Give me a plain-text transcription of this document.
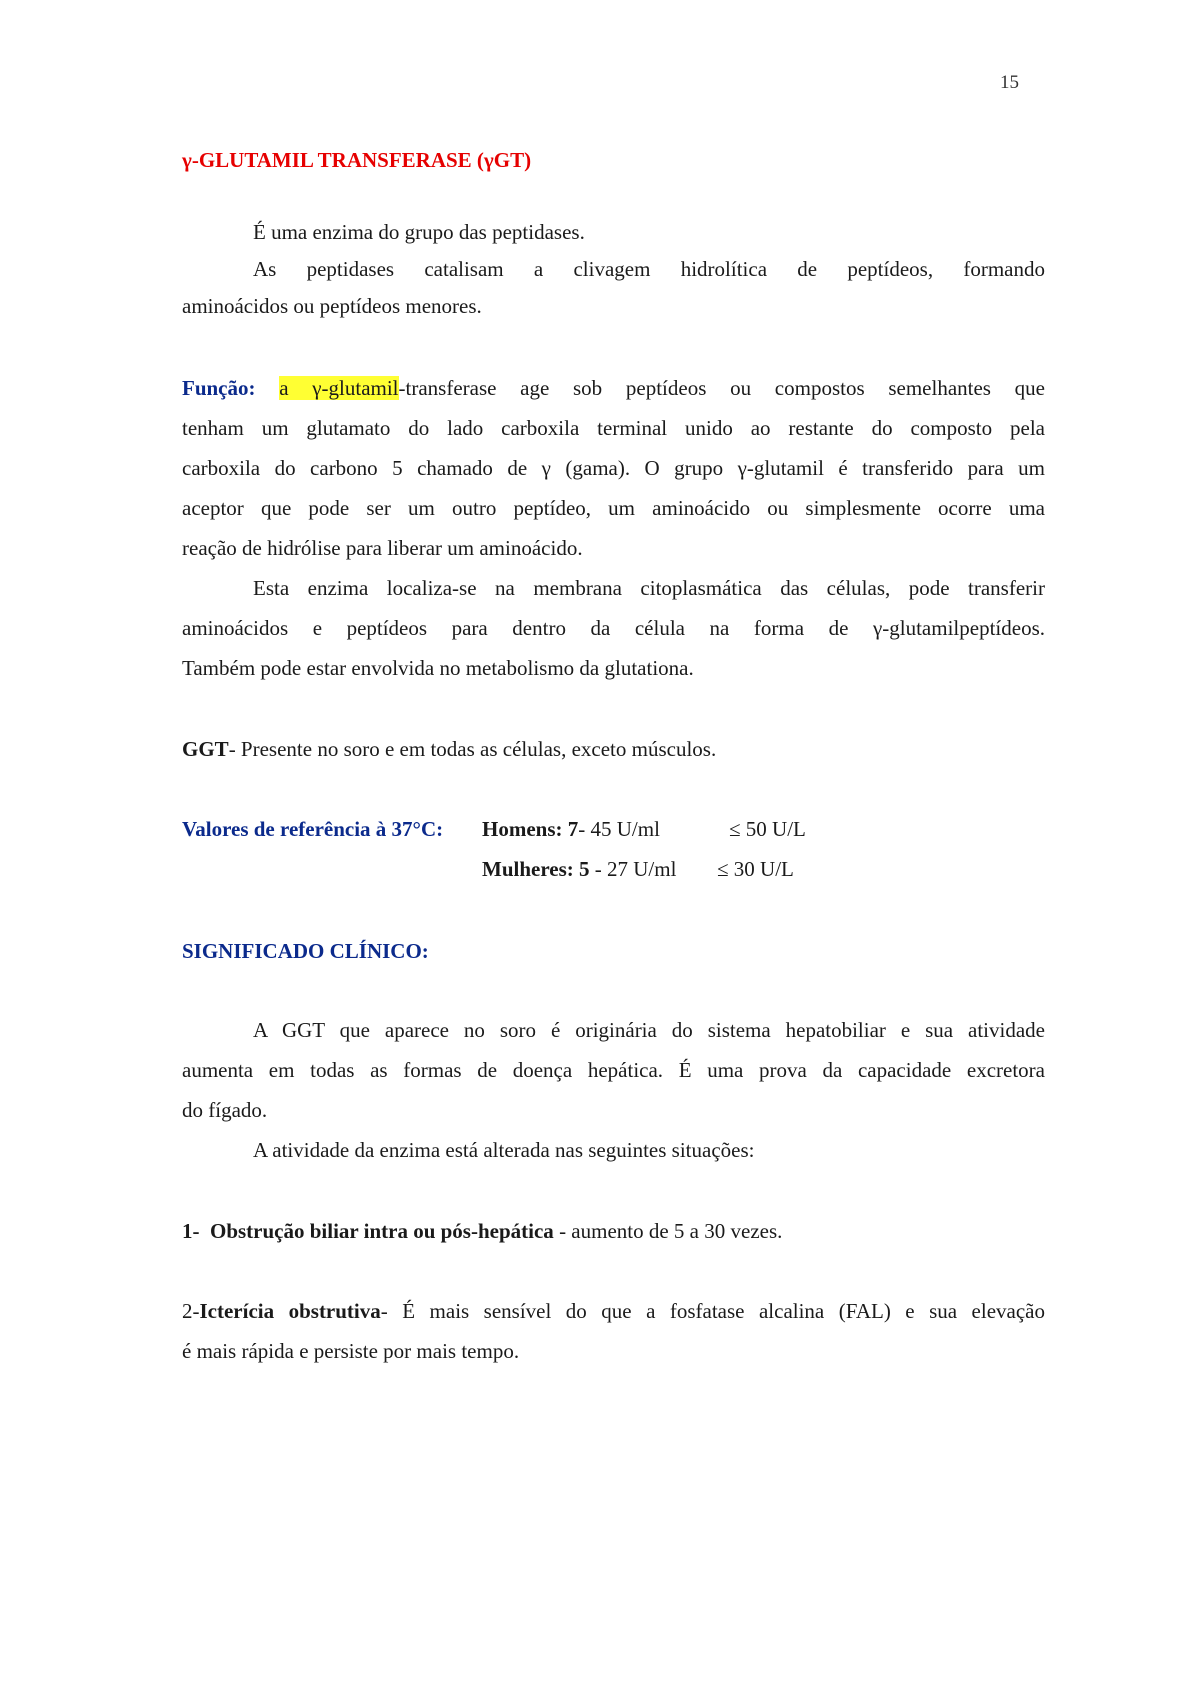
15
γ-GLUTAMIL TRANSFERASE (γGT)
É uma enzima do grupo das peptidases.
As peptidases catalisam a clivagem hidrolítica de peptídeos, formando
aminoácidos ou peptídeos menores.
Função: a γ-glutamil-transferase age sob peptídeos ou compostos semelhantes que
tenham um glutamato do lado carboxila terminal unido ao restante do composto pela
carboxila do carbono 5 chamado de γ (gama). O grupo γ-glutamil é transferido para um
aceptor que pode ser um outro peptídeo, um aminoácido ou simplesmente ocorre uma
reação de hidrólise para liberar um aminoácido.
Esta enzima localiza-se na membrana citoplasmática das células, pode transferir
aminoácidos e peptídeos para dentro da célula na forma de γ-glutamilpeptídeos.
Também pode estar envolvida no metabolismo da glutationa.
GGT- Presente no soro e em todas as células, exceto músculos.
Valores de referência à 37°C: Homens: 7- 45 U/ml	≤ 50 U/L
Mulheres: 5 - 27 U/ml ≤ 30 U/L
SIGNIFICADO CLÍNICO:
A GGT que aparece no soro é originária do sistema hepatobiliar e sua atividade
aumenta em todas as formas de doença hepática. É uma prova da capacidade excretora
do fígado.
A atividade da enzima está alterada nas seguintes situações:
1-  Obstrução biliar intra ou pós-hepática - aumento de 5 a 30 vezes.
2-Icterícia obstrutiva- É mais sensível do que a fosfatase alcalina (FAL) e sua elevação
é mais rápida e persiste por mais tempo.
